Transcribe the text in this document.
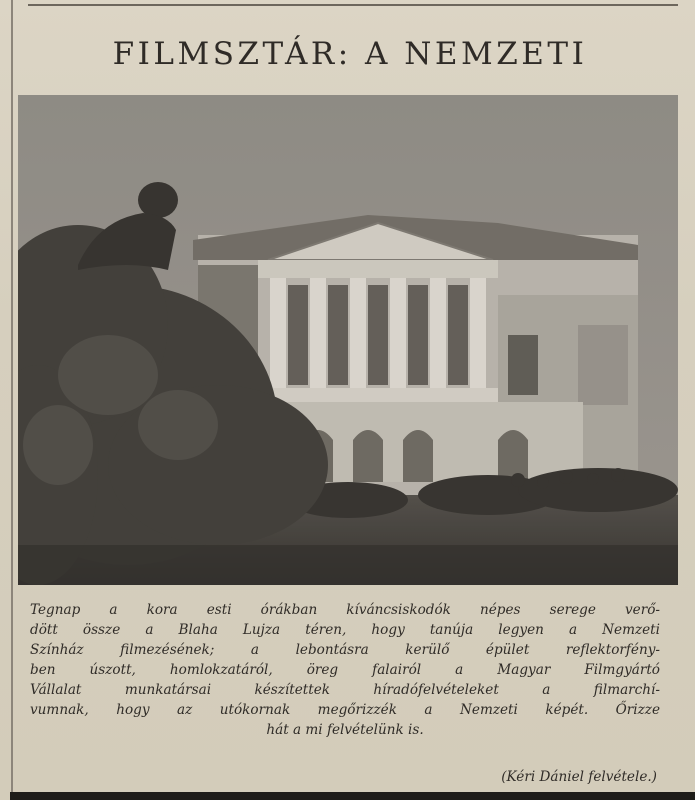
FILMSZTÁR: A NEMZETI
Tegnap a kora esti órákban kíváncsiskodók népes serege verő-
dött össze a Blaha Lujza téren, hogy tanúja legyen a Nemzeti
Színház filmezésének; a lebontásra kerülő épület reflektorfény-
ben úszott, homlokzatáról, öreg falairól a Magyar Filmgyártó
Vállalat munkatársai készítettek híradófelvételeket a filmarchí-
vumnak, hogy az utókornak megőrizzék a Nemzeti képét. Őrizze
hát a mi felvételünk is.
(Kéri Dániel felvétele.)
